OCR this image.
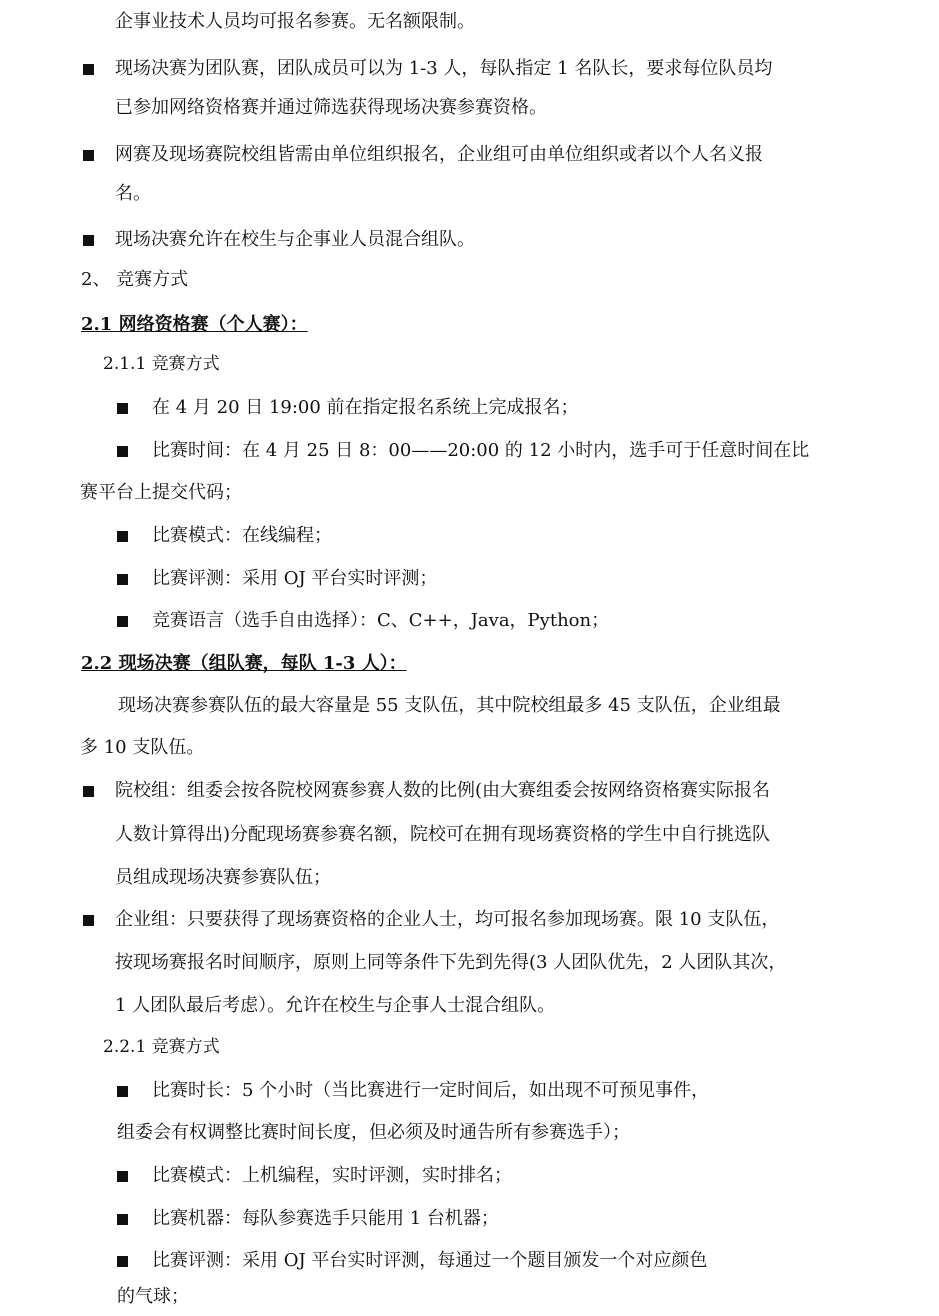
企事业技术人员均可报名参赛。无名额限制。
现场决赛为团队赛，团队成员可以为 1-3 人，每队指定 1 名队长，要求每位队员均
已参加网络资格赛并通过筛选获得现场决赛参赛资格。
网赛及现场赛院校组皆需由单位组织报名，企业组可由单位组织或者以个人名义报
名。
现场决赛允许在校生与企事业人员混合组队。
2、 竞赛方式
2.1 网络资格赛（个人赛）：
2.1.1 竞赛方式
在 4 月 20 日 19:00 前在指定报名系统上完成报名；
比赛时间：在 4 月 25 日 8：00——20:00 的 12 小时内，选手可于任意时间在比
赛平台上提交代码；
比赛模式：在线编程；
比赛评测：采用 OJ 平台实时评测；
竞赛语言（选手自由选择）：C、C++，Java，Python；
2.2 现场决赛（组队赛，每队 1-3 人）：
现场决赛参赛队伍的最大容量是 55 支队伍，其中院校组最多 45 支队伍，企业组最
多 10 支队伍。
院校组：组委会按各院校网赛参赛人数的比例(由大赛组委会按网络资格赛实际报名
人数计算得出)分配现场赛参赛名额，院校可在拥有现场赛资格的学生中自行挑选队
员组成现场决赛参赛队伍；
企业组：只要获得了现场赛资格的企业人士，均可报名参加现场赛。限 10 支队伍，
按现场赛报名时间顺序，原则上同等条件下先到先得(3 人团队优先，2 人团队其次，
1 人团队最后考虑）。允许在校生与企事人士混合组队。
2.2.1 竞赛方式
比赛时长：5 个小时（当比赛进行一定时间后，如出现不可预见事件，
组委会有权调整比赛时间长度，但必须及时通告所有参赛选手）；
比赛模式：上机编程，实时评测，实时排名；
比赛机器：每队参赛选手只能用 1 台机器；
比赛评测：采用 OJ 平台实时评测，每通过一个题目颁发一个对应颜色
的气球；
